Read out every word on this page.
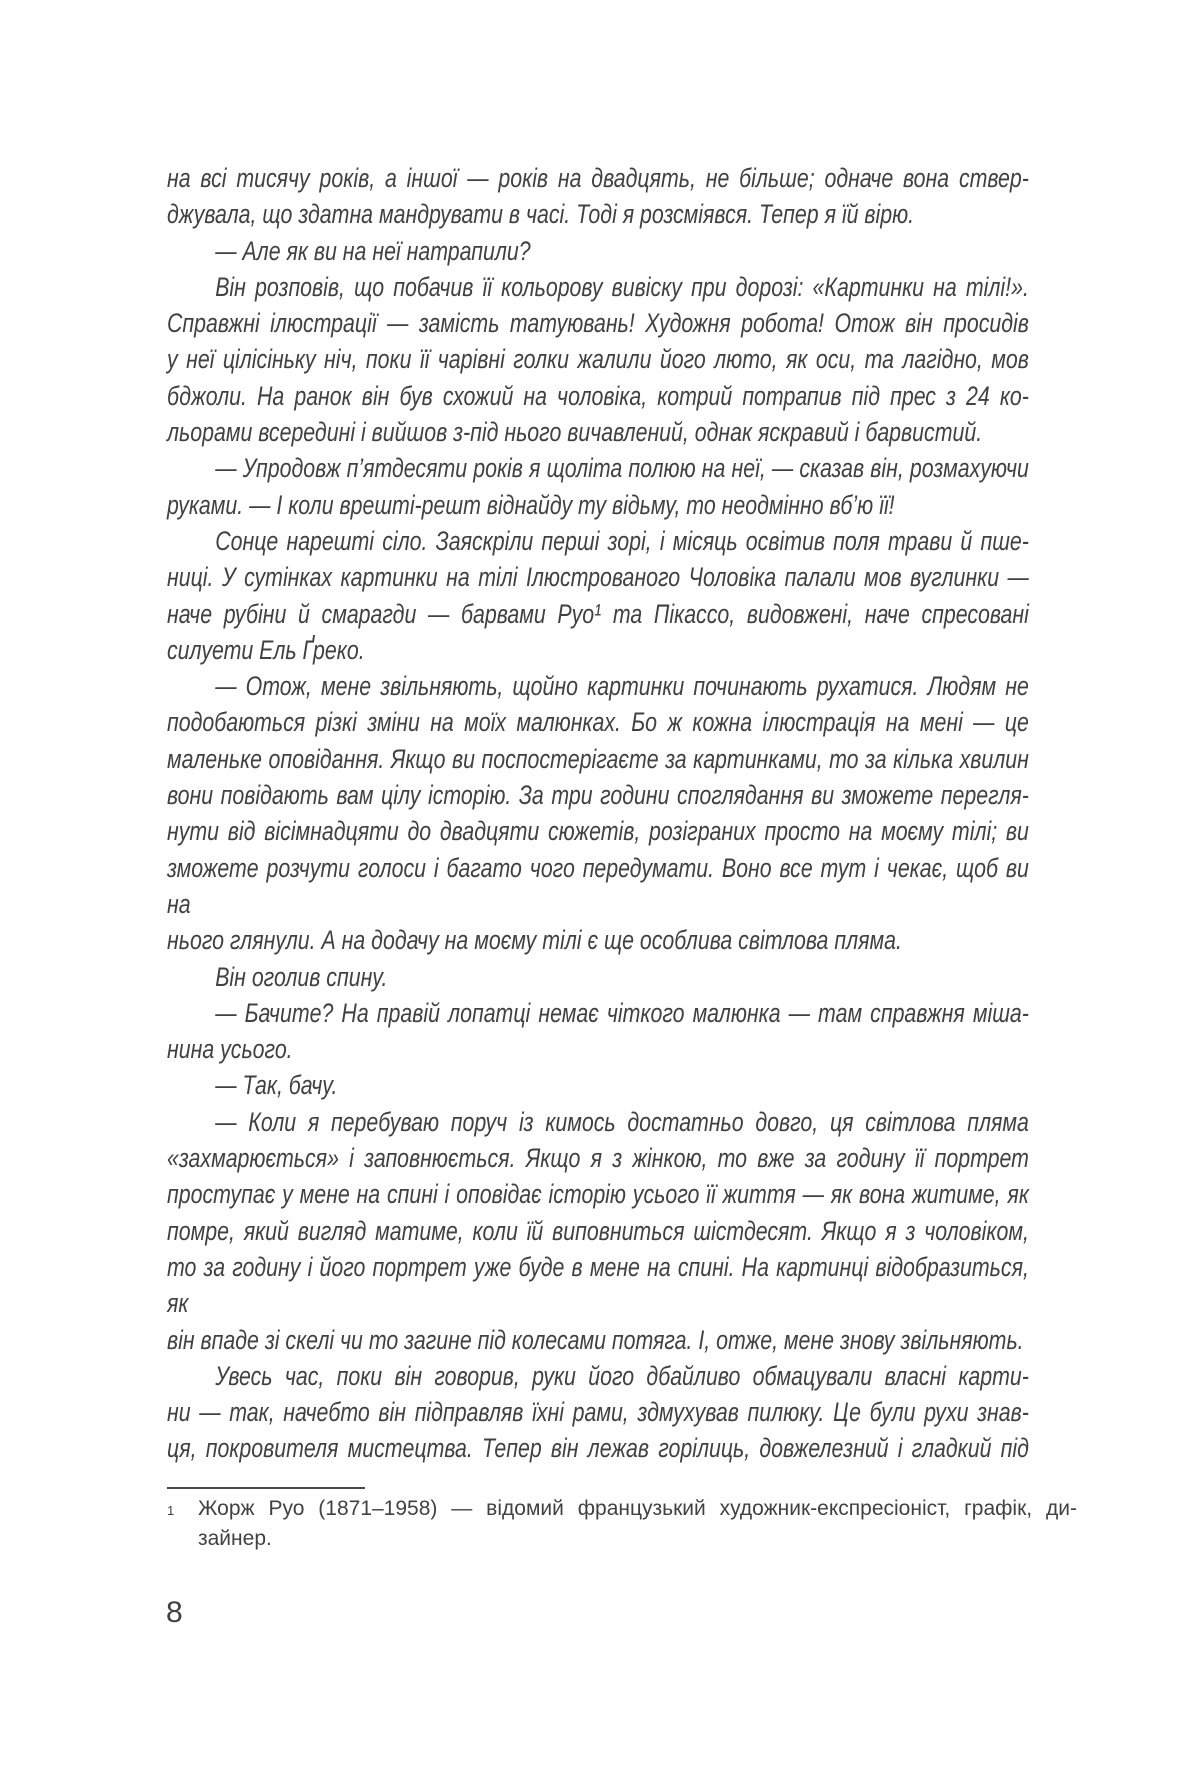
на всі тисячу років, а іншої — років на двадцять, не більше; одначе вона ствер-
джувала, що здатна мандрувати в часі. Тоді я розсміявся. Тепер я їй вірю.
— Але як ви на неї натрапили?
Він розповів, що побачив її кольорову вивіску при дорозі: «Картинки на тілі!».
Справжні ілюстрації — замість татуювань! Художня робота! Отож він просидів
у неї цілісіньку ніч, поки її чарівні голки жалили його люто, як оси, та лагідно, мов
бджоли. На ранок він був схожий на чоловіка, котрий потрапив під прес з 24 ко-
льорами всередині і вийшов з-під нього вичавлений, однак яскравий і барвистий.
— Упродовж п’ятдесяти років я щоліта полюю на неї, — сказав він, розмахуючи
руками. — І коли врешті-решт віднайду ту відьму, то неодмінно вб’ю її!
Сонце нарешті сіло. Заяскріли перші зорі, і місяць освітив поля трави й пше-
ниці. У сутінках картинки на тілі Ілюстрованого Чоловіка палали мов вуглинки —
наче рубіни й смарагди — барвами Руо¹ та Пікассо, видовжені, наче спресовані
силуети Ель Ґреко.
— Отож, мене звільняють, щойно картинки починають рухатися. Людям не
подобаються різкі зміни на моїх малюнках. Бо ж кожна ілюстрація на мені — це
маленьке оповідання. Якщо ви поспостерігаєте за картинками, то за кілька хвилин
вони повідають вам цілу історію. За три години споглядання ви зможете перегля-
нути від вісімнадцяти до двадцяти сюжетів, розіграних просто на моєму тілі; ви
зможете розчути голоси і багато чого передумати. Воно все тут і чекає, щоб ви на
нього глянули. А на додачу на моєму тілі є ще особлива світлова пляма.
Він оголив спину.
— Бачите? На правій лопатці немає чіткого малюнка — там справжня міша-
нина усього.
— Так, бачу.
— Коли я перебуваю поруч із кимось достатньо довго, ця світлова пляма
«захмарюється» і заповнюється. Якщо я з жінкою, то вже за годину її портрет
проступає у мене на спині і оповідає історію усього її життя — як вона житиме, як
помре, який вигляд матиме, коли їй виповниться шістдесят. Якщо я з чоловіком,
то за годину і його портрет уже буде в мене на спині. На картинці відобразиться, як
він впаде зі скелі чи то загине під колесами потяга. І, отже, мене знову звільняють.
Увесь час, поки він говорив, руки його дбайливо обмацували власні карти-
ни — так, начебто він підправляв їхні рами, здмухував пилюку. Це були рухи знав-
ця, покровителя мистецтва. Тепер він лежав горілиць, довжелезний і гладкий під
1 Жорж Руо (1871–1958) — відомий французький художник-експресіоніст, графік, ди-
зайнер.
8
